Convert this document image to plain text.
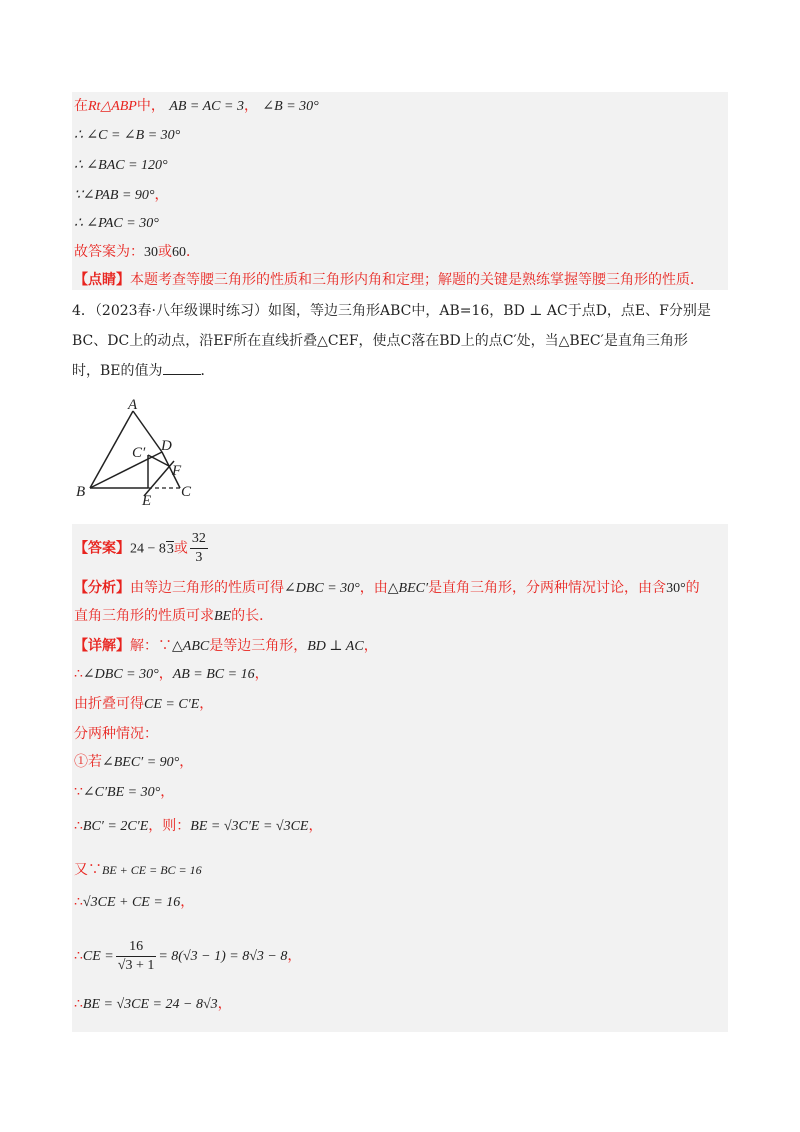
在Rt△ABP中， AB = AC = 3， ∠B = 30°
∴ ∠C = ∠B = 30°
∴ ∠BAC = 120°
∵∠PAB = 90°，
∴ ∠PAC = 30°
故答案为：30或60．
【点睛】本题考查等腰三角形的性质和三角形内角和定理；解题的关键是熟练掌握等腰三角形的性质．
4．（2023春·八年级课时练习）如图，等边三角形ABC中，AB=16，BD ⊥ AC于点D，点E、F分别是
BC、DC上的动点，沿EF所在直线折叠△CEF，使点C落在BD上的点C′处，当△BEC′是直角三角形
时，BE的值为	．
A
B	C
D
E
F
C′
【答案】24 − 83或 $\frac{32}{3}$
【分析】由等边三角形的性质可得∠DBC = 30°，由△BEC′是直角三角形，分两种情况讨论，由含30°的
直角三角形的性质可求BE的长．
【详解】解：∵△ABC是等边三角形，BD ⊥ AC，
∴∠DBC = 30°，AB = BC = 16，
由折叠可得CE = C′E，
分两种情况：
①若∠BEC′ = 90°，
∵∠C′BE = 30°，
∴BC′ = 2C′E，则：BE = √3C′E = √3CE，
又∵BE + CE = BC = 16
∴√3CE + CE = 16，
∴CE = $\frac{16}{√3 + 1} = 8(√3 - 1) = 8√3 - 8$，
∴BE = √3CE = 24 − 8√3，
